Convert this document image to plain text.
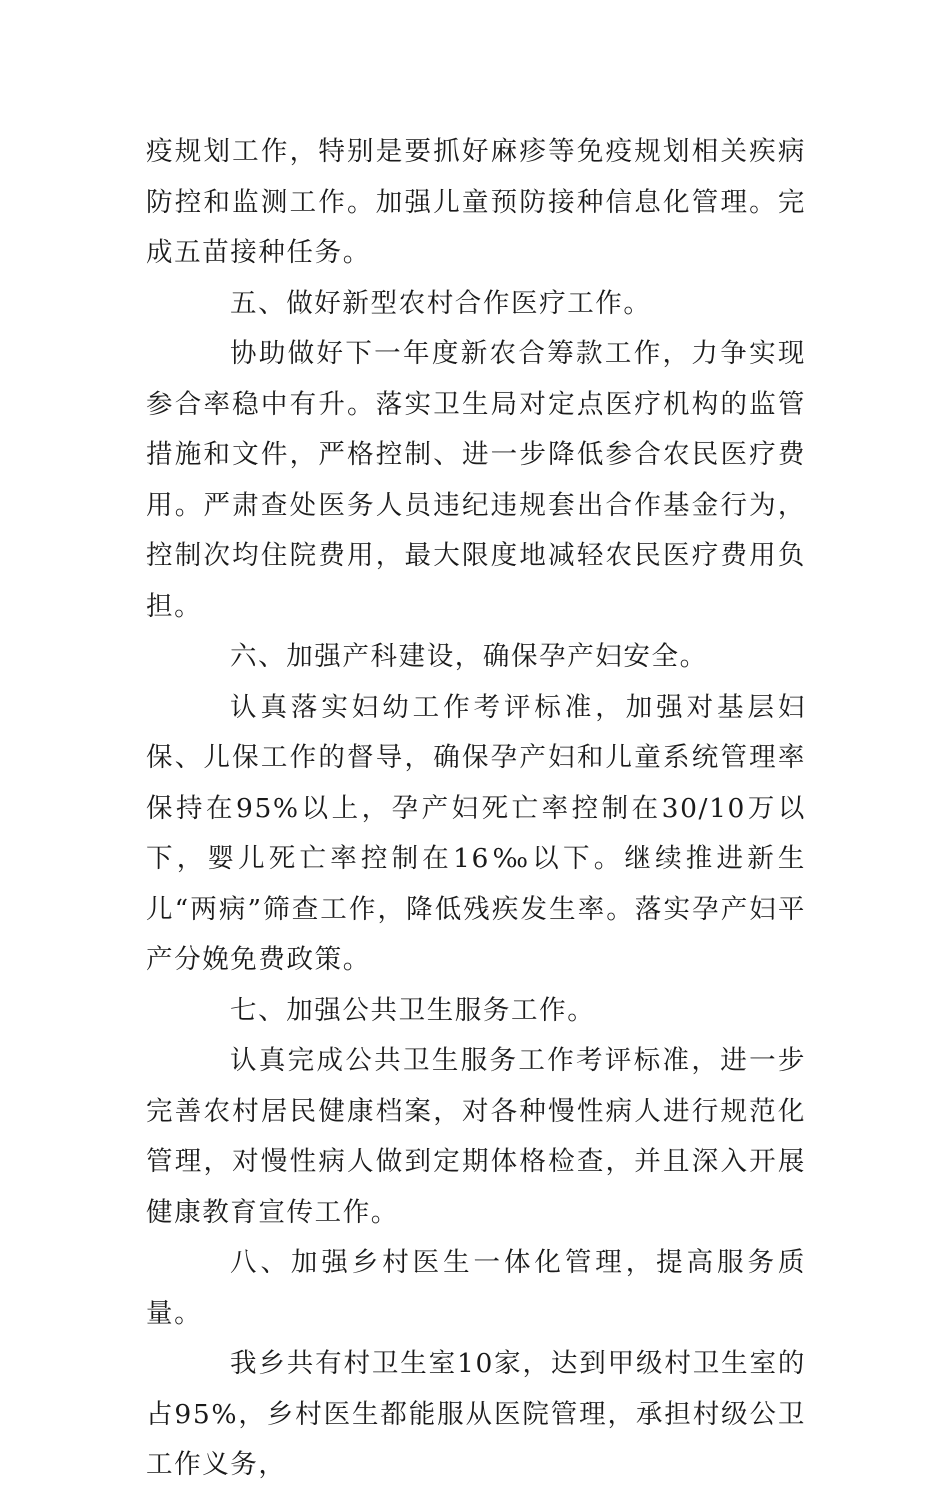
疫规划工作，特别是要抓好麻疹等免疫规划相关疾病防控和监测工作。加强儿童预防接种信息化管理。完成五苗接种任务。

五、做好新型农村合作医疗工作。

协助做好下一年度新农合筹款工作，力争实现参合率稳中有升。落实卫生局对定点医疗机构的监管措施和文件，严格控制、进一步降低参合农民医疗费用。严肃查处医务人员违纪违规套出合作基金行为，控制次均住院费用，最大限度地减轻农民医疗费用负担。

六、加强产科建设，确保孕产妇安全。

认真落实妇幼工作考评标准，加强对基层妇保、儿保工作的督导，确保孕产妇和儿童系统管理率保持在95%以上，孕产妇死亡率控制在30/10万以下，婴儿死亡率控制在16‰以下。继续推进新生儿“两病”筛查工作，降低残疾发生率。落实孕产妇平产分娩免费政策。

七、加强公共卫生服务工作。

认真完成公共卫生服务工作考评标准，进一步完善农村居民健康档案，对各种慢性病人进行规范化管理，对慢性病人做到定期体格检查，并且深入开展健康教育宣传工作。

八、加强乡村医生一体化管理，提高服务质量。

我乡共有村卫生室10家，达到甲级村卫生室的占95%，乡村医生都能服从医院管理，承担村级公卫工作义务，
